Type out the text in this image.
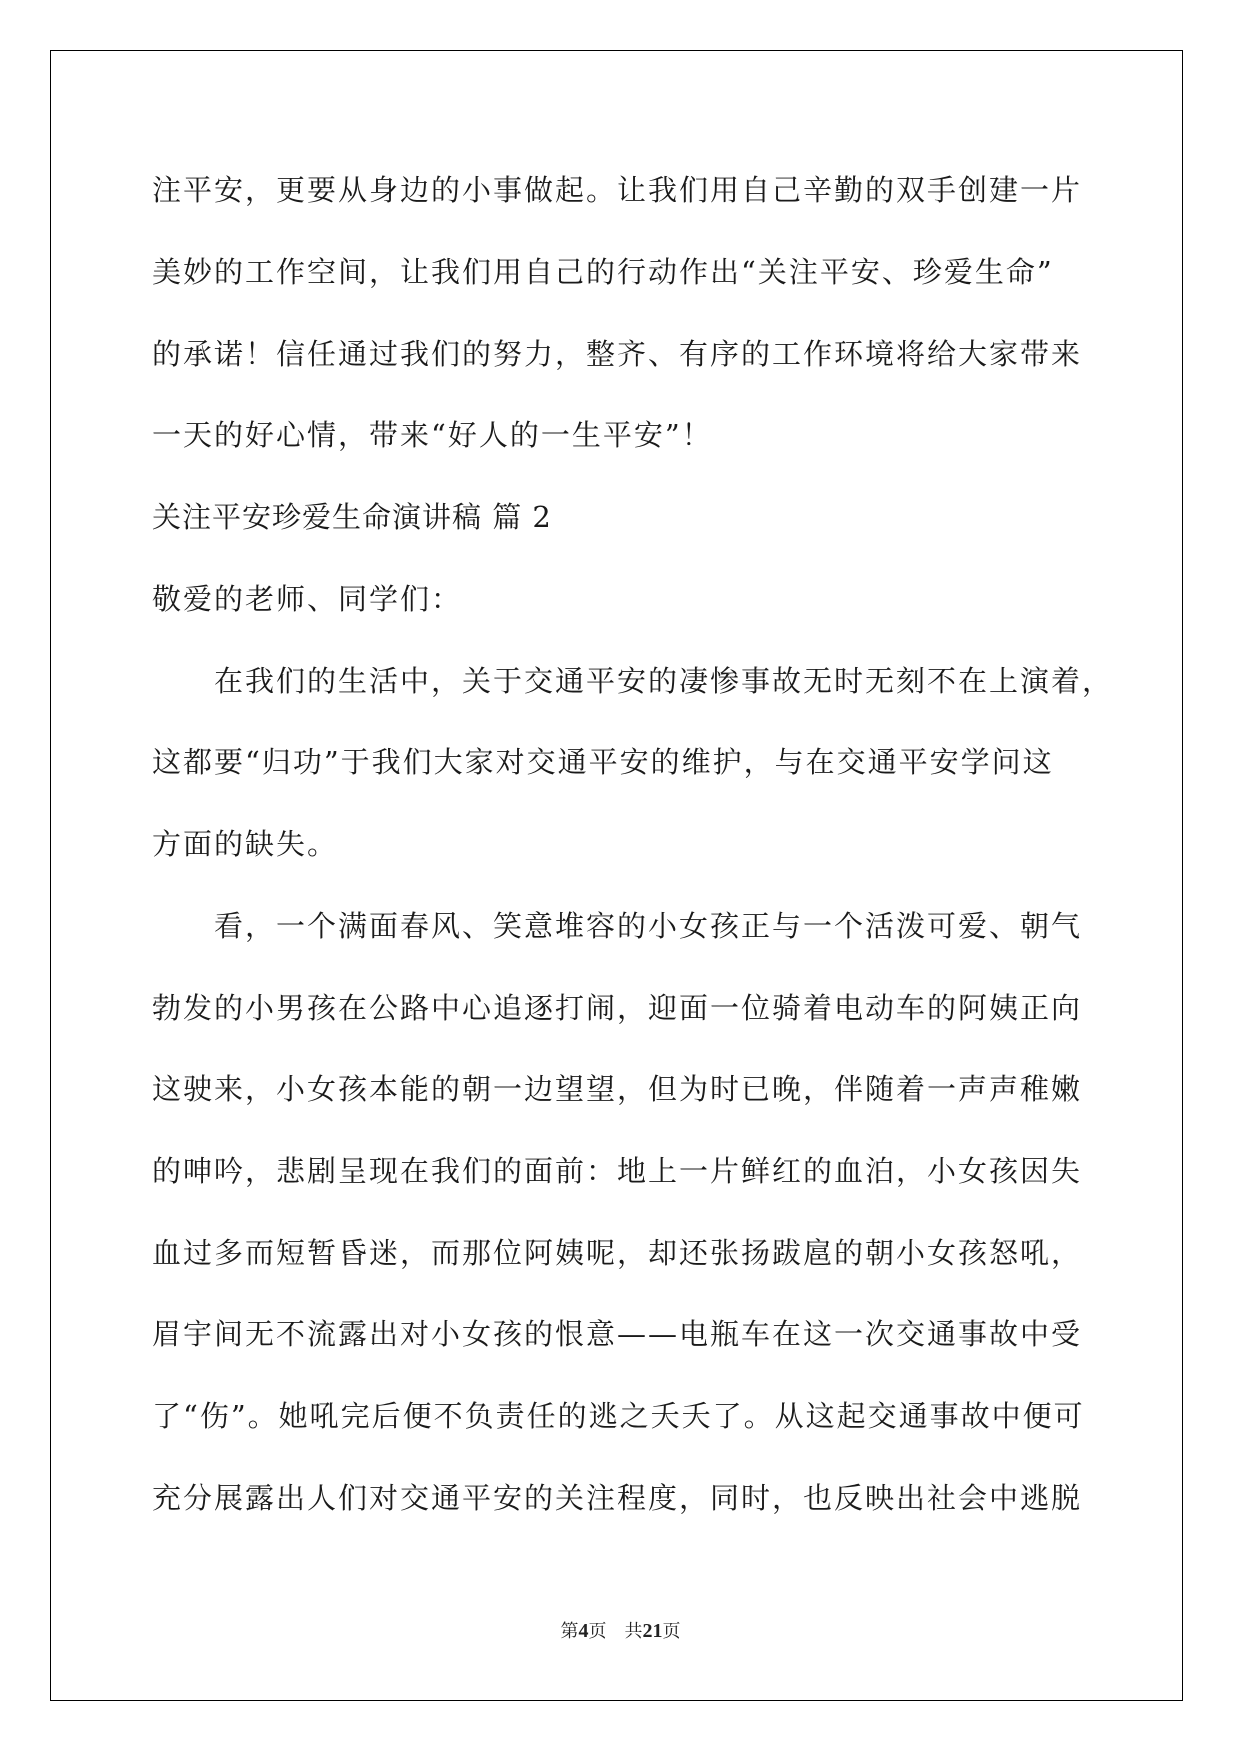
注平安，更要从身边的小事做起。让我们用自己辛勤的双手创建一片
美妙的工作空间，让我们用自己的行动作出“关注平安、珍爱生命”
的承诺！信任通过我们的努力，整齐、有序的工作环境将给大家带来
一天的好心情，带来“好人的一生平安”！
关注平安珍爱生命演讲稿 篇 2
敬爱的老师、同学们：
在我们的生活中，关于交通平安的凄惨事故无时无刻不在上演着，
这都要“归功”于我们大家对交通平安的维护，与在交通平安学问这
方面的缺失。
看，一个满面春风、笑意堆容的小女孩正与一个活泼可爱、朝气
勃发的小男孩在公路中心追逐打闹，迎面一位骑着电动车的阿姨正向
这驶来，小女孩本能的朝一边望望，但为时已晚，伴随着一声声稚嫩
的呻吟，悲剧呈现在我们的面前：地上一片鲜红的血泊，小女孩因失
血过多而短暂昏迷，而那位阿姨呢，却还张扬跋扈的朝小女孩怒吼，
眉宇间无不流露出对小女孩的恨意——电瓶车在这一次交通事故中受
了“伤”。她吼完后便不负责任的逃之夭夭了。从这起交通事故中便可
充分展露出人们对交通平安的关注程度，同时，也反映出社会中逃脱
第4页 共21页
